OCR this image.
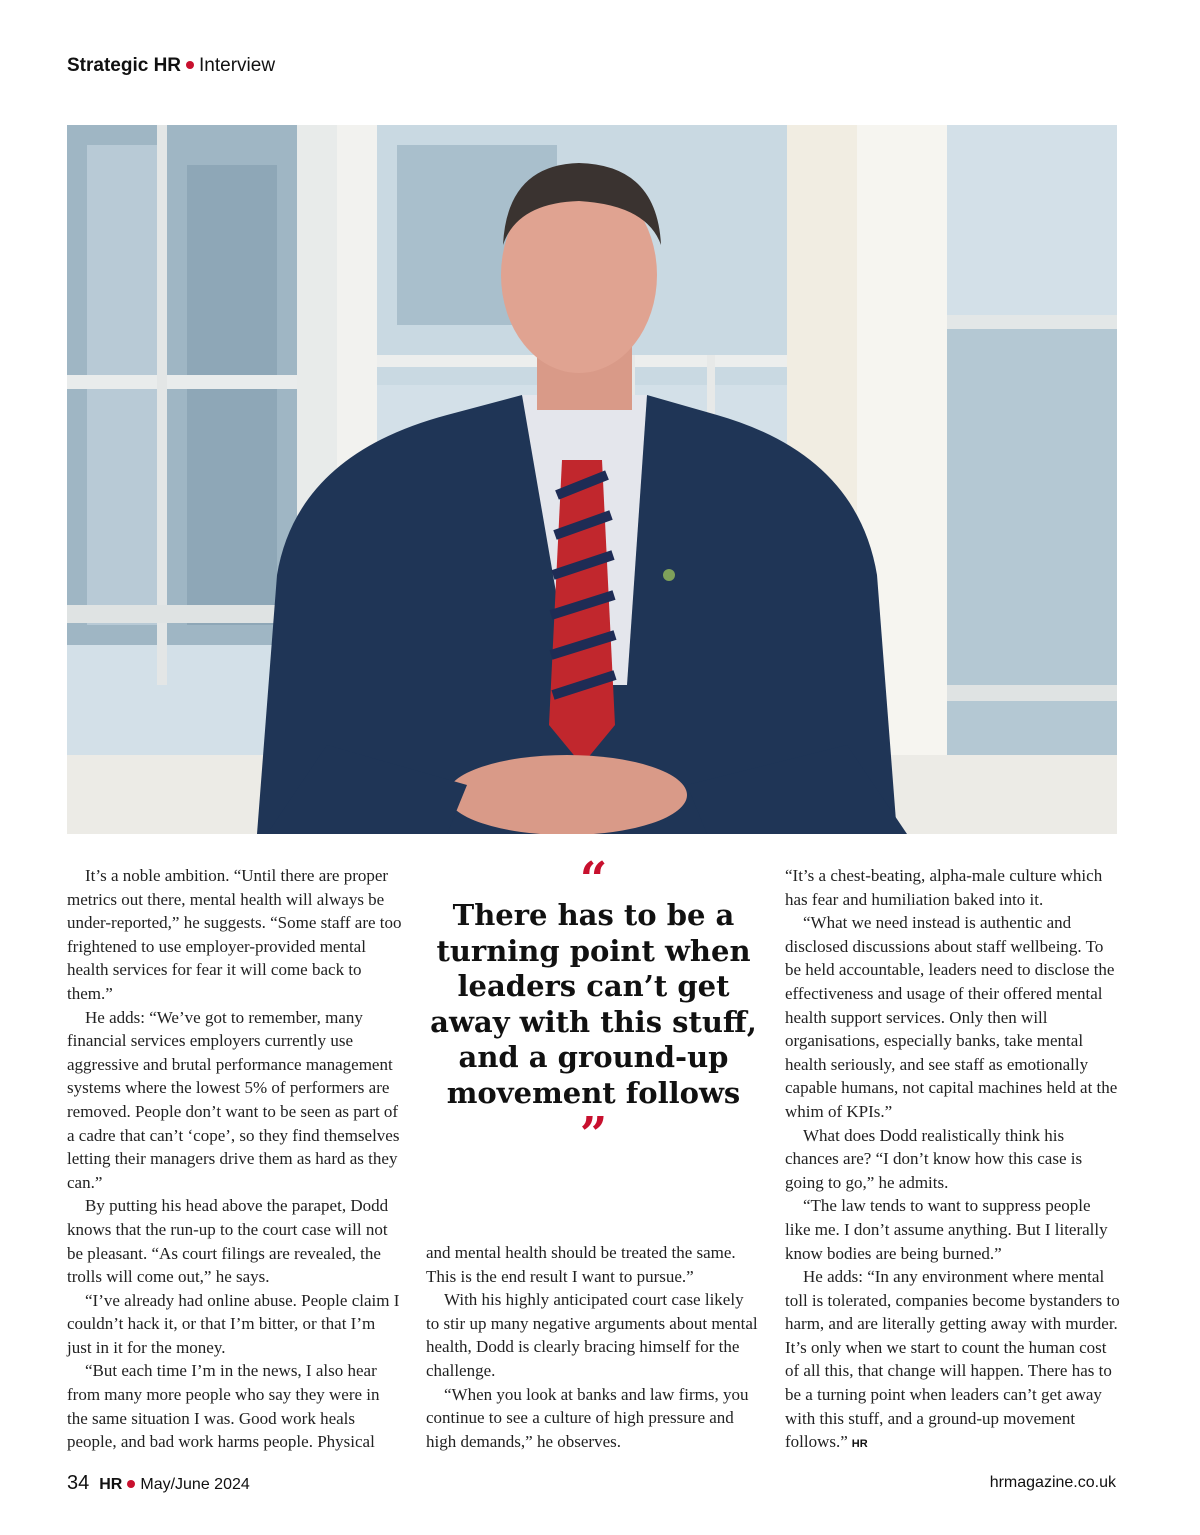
Strategic HR Interview

It’s a noble ambition. “Until there are proper metrics out there, mental health will always be under-reported,” he suggests. “Some staff are too frightened to use employer-provided mental health services for fear it will come back to them.”

He adds: “We’ve got to remember, many financial services employers currently use aggressive and brutal performance management systems where the lowest 5% of performers are removed. People don’t want to be seen as part of a cadre that can’t ‘cope’, so they find themselves letting their managers drive them as hard as they can.”

By putting his head above the parapet, Dodd knows that the run-up to the court case will not be pleasant. “As court filings are revealed, the trolls will come out,” he says.

“I’ve already had online abuse. People claim I couldn’t hack it, or that I’m bitter, or that I’m just in it for the money.

“But each time I’m in the news, I also hear from many more people who say they were in the same situation I was. Good work heals people, and bad work harms people. Physical

“
There has to be a turning point when leaders can’t get away with this stuff, and a ground-up movement follows
”

and mental health should be treated the same. This is the end result I want to pursue.”

With his highly anticipated court case likely to stir up many negative arguments about mental health, Dodd is clearly bracing himself for the challenge.

“When you look at banks and law firms, you continue to see a culture of high pressure and high demands,” he observes.

“It’s a chest-beating, alpha-male culture which has fear and humiliation baked into it.

“What we need instead is authentic and disclosed discussions about staff wellbeing. To be held accountable, leaders need to disclose the effectiveness and usage of their offered mental health support services. Only then will organisations, especially banks, take mental health seriously, and see staff as emotionally capable humans, not capital machines held at the whim of KPIs.”

What does Dodd realistically think his chances are? “I don’t know how this case is going to go,” he admits.

“The law tends to want to suppress people like me. I don’t assume anything. But I literally know bodies are being burned.”

He adds: “In any environment where mental toll is tolerated, companies become bystanders to harm, and are literally getting away with murder. It’s only when we start to count the human cost of all this, that change will happen. There has to be a turning point when leaders can’t get away with this stuff, and a ground-up movement follows.” HR

34 HR May/June 2024	hrmagazine.co.uk
